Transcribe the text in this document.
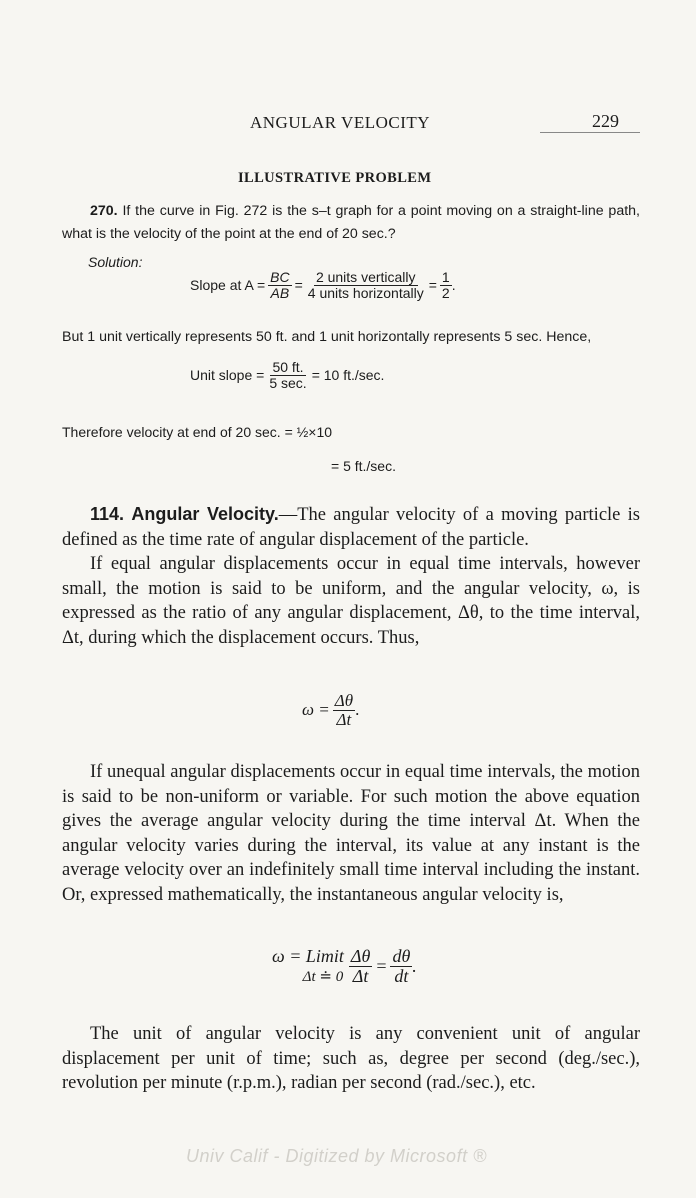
ANGULAR VELOCITY	229
ILLUSTRATIVE PROBLEM
270. If the curve in Fig. 272 is the s–t graph for a point moving on a straight-line path, what is the velocity of the point at the end of 20 sec.?
Solution:
Slope at $A = \frac{BC}{AB} = \frac{\text{2 units vertically}}{\text{4 units horizontally}} = \frac{1}{2}$ .
But 1 unit vertically represents 50 ft. and 1 unit horizontally represents 5 sec. Hence,
Unit slope = $\frac{50 ft.}{5 \sec.} = 10$ ft./sec.
Therefore velocity at end of 20 sec. = ½×10
= 5 ft./sec.

114. Angular Velocity.—The angular velocity of a moving particle is defined as the time rate of angular displacement of the particle.

If equal angular displacements occur in equal time intervals, however small, the motion is said to be uniform, and the angular velocity, ω, is expressed as the ratio of any angular displacement, Δθ, to the time interval, Δt, during which the displacement occurs. Thus,

$\omega = \frac{\Delta\theta}{\Delta t}$ .

If unequal angular displacements occur in equal time intervals, the motion is said to be non-uniform or variable. For such motion the above equation gives the average angular velocity during the time interval Δt. When the angular velocity varies during the interval, its value at any instant is the average velocity over an indefinitely small time interval including the instant. Or, expressed mathematically, the instantaneous angular velocity is,

ω = Limit
Δt ≐ $0 \frac{\Delta\theta}{\Delta t} = \frac{d\theta}{dt}$ .

The unit of angular velocity is any convenient unit of angular displacement per unit of time; such as, degree per second (deg./sec.), revolution per minute (r.p.m.), radian per second (rad./sec.), etc.

Univ Calif - Digitized by Microsoft ®
